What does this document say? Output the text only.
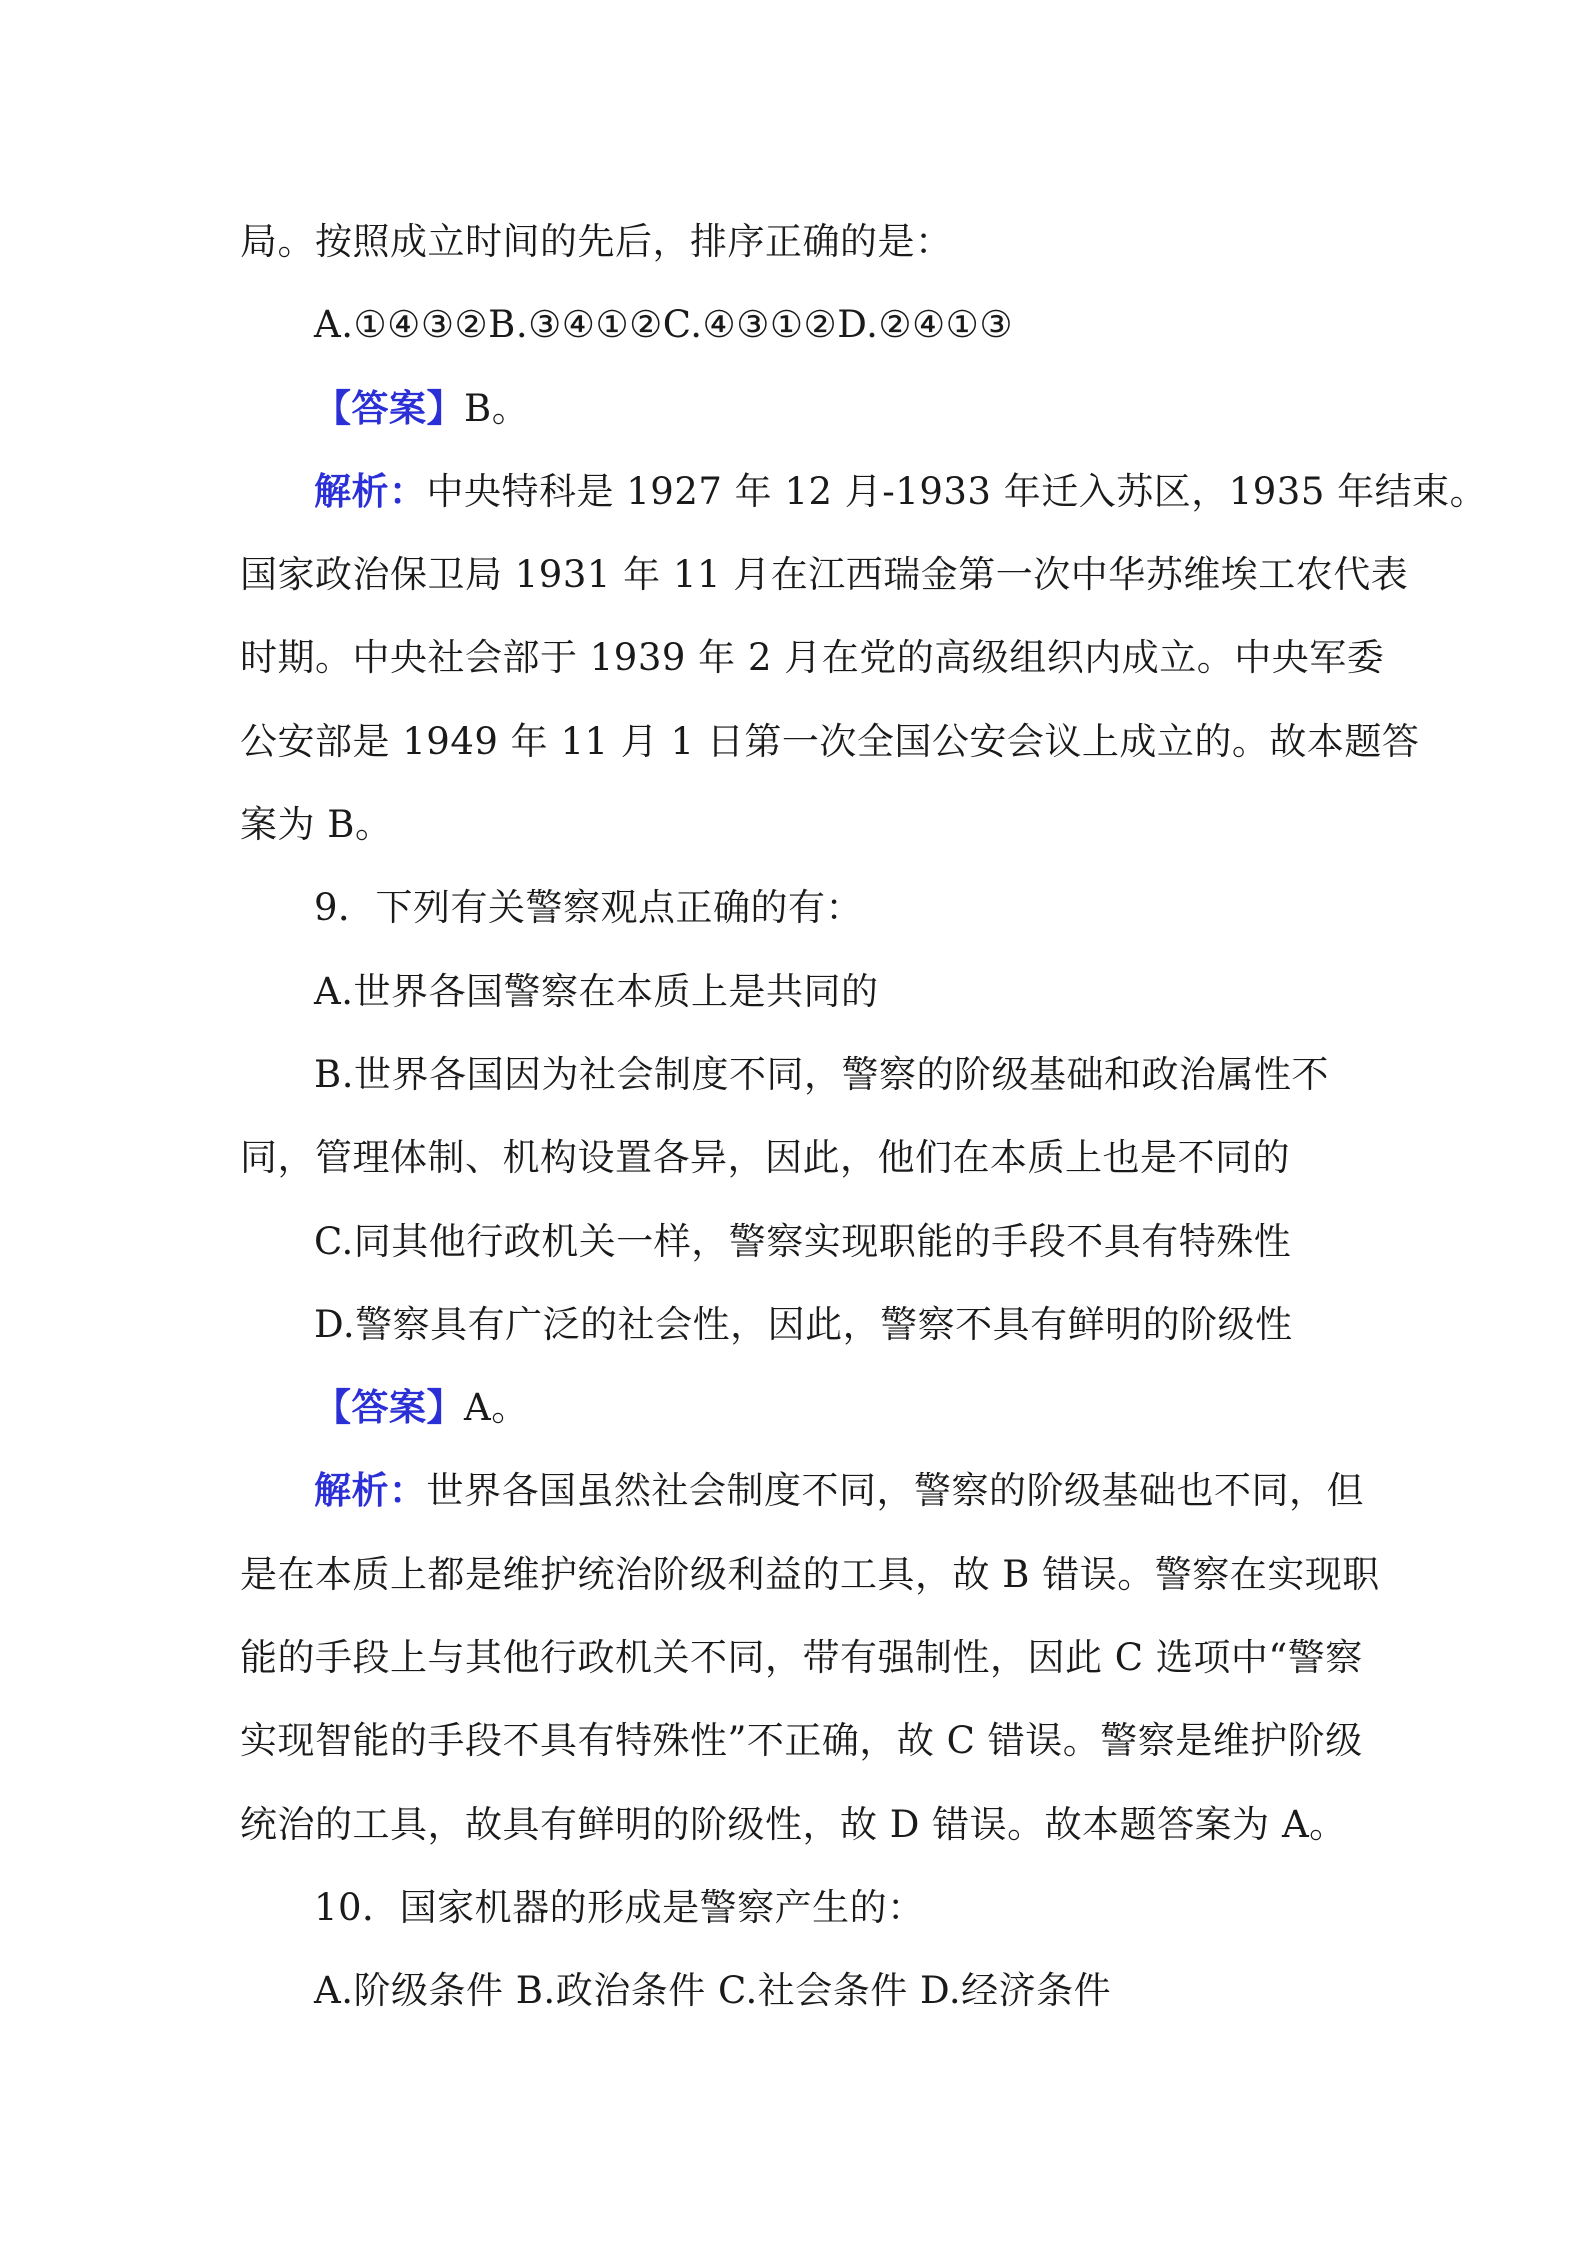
局。按照成立时间的先后，排序正确的是：
A.①④③②B.③④①②C.④③①②D.②④①③
【答案】B。
解析：中央特科是 1927 年 12 月-1933 年迁入苏区，1935 年结束。
国家政治保卫局 1931 年 11 月在江西瑞金第一次中华苏维埃工农代表
时期。中央社会部于 1939 年 2 月在党的高级组织内成立。中央军委
公安部是 1949 年 11 月 1 日第一次全国公安会议上成立的。故本题答
案为 B。
9．下列有关警察观点正确的有：
A.世界各国警察在本质上是共同的
B.世界各国因为社会制度不同，警察的阶级基础和政治属性不
同，管理体制、机构设置各异，因此，他们在本质上也是不同的
C.同其他行政机关一样，警察实现职能的手段不具有特殊性
D.警察具有广泛的社会性，因此，警察不具有鲜明的阶级性
【答案】A。
解析：世界各国虽然社会制度不同，警察的阶级基础也不同，但
是在本质上都是维护统治阶级利益的工具，故 B 错误。警察在实现职
能的手段上与其他行政机关不同，带有强制性，因此 C 选项中“警察
实现智能的手段不具有特殊性”不正确，故 C 错误。警察是维护阶级
统治的工具，故具有鲜明的阶级性，故 D 错误。故本题答案为 A。
10．国家机器的形成是警察产生的：
A.阶级条件 B.政治条件 C.社会条件 D.经济条件
